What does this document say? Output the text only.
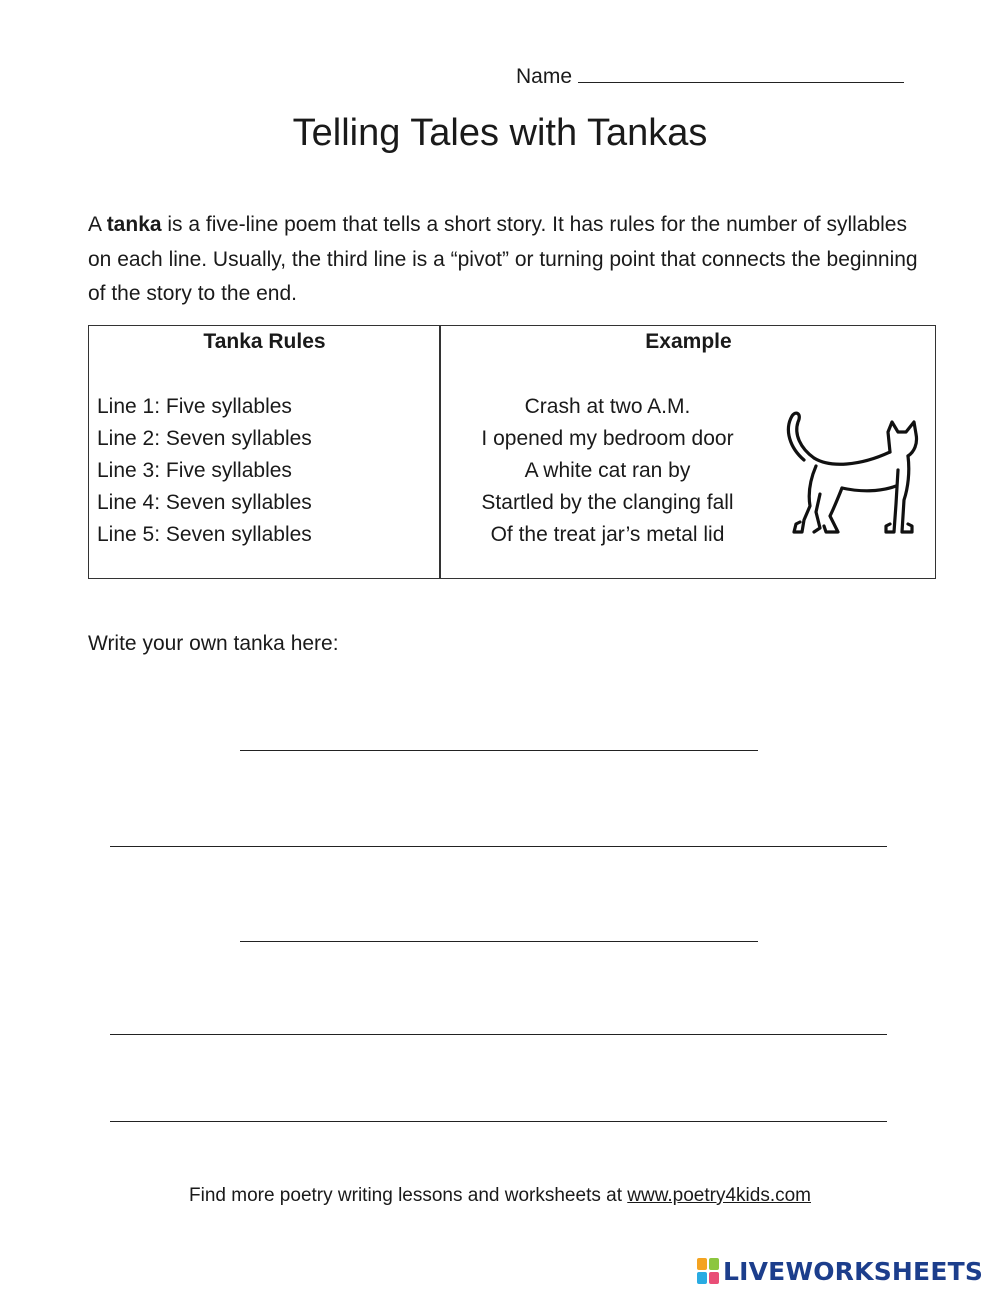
Name
Telling Tales with Tankas

A tanka is a five-line poem that tells a short story. It has rules for the number of syllables on each line. Usually, the third line is a “pivot” or turning point that connects the beginning of the story to the end.

Tanka Rules	Example
Line 1: Five syllables
Line 2: Seven syllables
Line 3: Five syllables
Line 4: Seven syllables
Line 5: Seven syllables
Crash at two A.M.
I opened my bedroom door
A white cat ran by
Startled by the clanging fall
Of the treat jar’s metal lid

Write your own tanka here:

Find more poetry writing lessons and worksheets at www.poetry4kids.com
LIVEWORKSHEETS
